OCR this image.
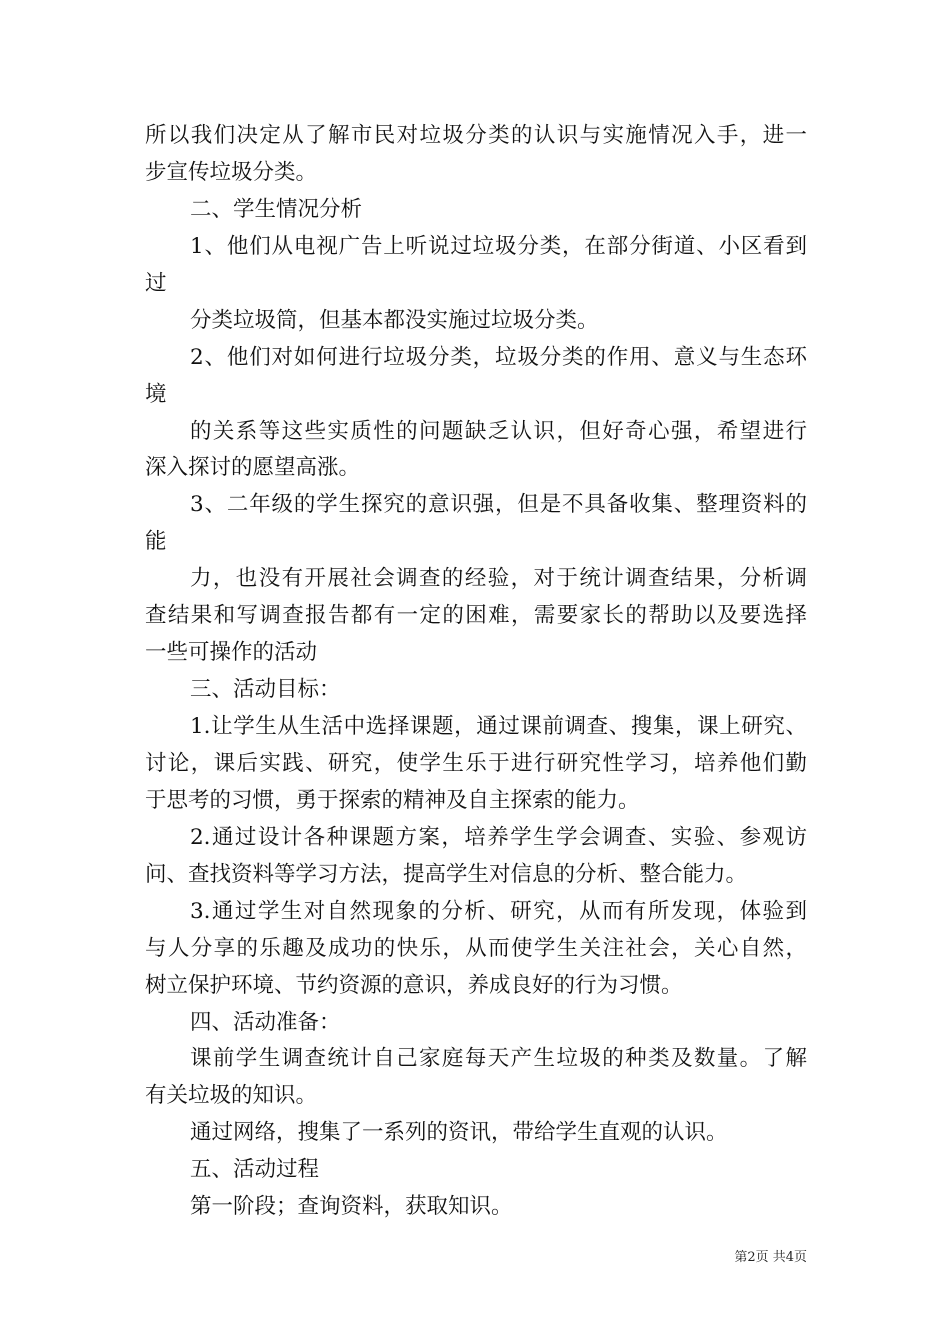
所以我们决定从了解市民对垃圾分类的认识与实施情况入手，进一
步宣传垃圾分类。
二、学生情况分析
1、他们从电视广告上听说过垃圾分类，在部分街道、小区看到
过
分类垃圾筒，但基本都没实施过垃圾分类。
2、他们对如何进行垃圾分类，垃圾分类的作用、意义与生态环
境
的关系等这些实质性的问题缺乏认识，但好奇心强，希望进行
深入探讨的愿望高涨。
3、二年级的学生探究的意识强，但是不具备收集、整理资料的
能
力，也没有开展社会调查的经验，对于统计调查结果，分析调
查结果和写调查报告都有一定的困难，需要家长的帮助以及要选择
一些可操作的活动
三、活动目标：
1.让学生从生活中选择课题，通过课前调查、搜集，课上研究、
讨论，课后实践、研究，使学生乐于进行研究性学习，培养他们勤
于思考的习惯，勇于探索的精神及自主探索的能力。
2.通过设计各种课题方案，培养学生学会调查、实验、参观访
问、查找资料等学习方法，提高学生对信息的分析、整合能力。
3.通过学生对自然现象的分析、研究，从而有所发现，体验到
与人分享的乐趣及成功的快乐，从而使学生关注社会，关心自然，
树立保护环境、节约资源的意识，养成良好的行为习惯。
四、活动准备：
课前学生调查统计自己家庭每天产生垃圾的种类及数量。了解
有关垃圾的知识。
通过网络，搜集了一系列的资讯，带给学生直观的认识。
五、活动过程
第一阶段；查询资料，获取知识。
第2页 共4页
